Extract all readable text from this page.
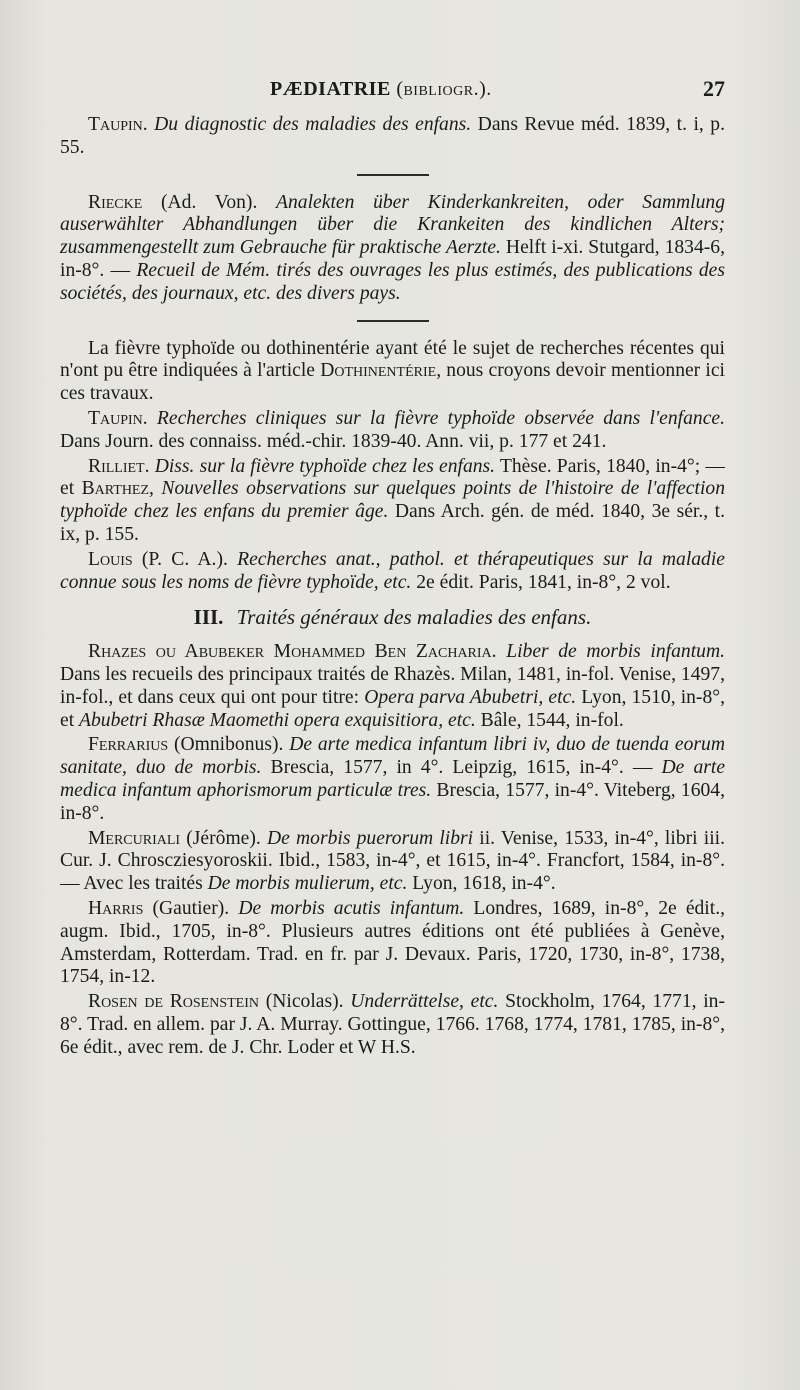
PÆDIATRIE (bibliogr.).	27

Taupin. Du diagnostic des maladies des enfans. Dans Revue méd. 1839, t. i, p. 55.

Riecke (Ad. Von). Analekten über Kinderkankreiten, oder Sammlung auserwählter Abhandlungen über die Krankeiten des kindlichen Alters; zusammengestellt zum Gebrauche für praktische Aerzte. Helft i-xi. Stutgard, 1834-6, in-8°. — Recueil de Mém. tirés des ouvrages les plus estimés, des publications des sociétés, des journaux, etc. des divers pays.

La fièvre typhoïde ou dothinentérie ayant été le sujet de recherches récentes qui n'ont pu être indiquées à l'article Dothinentérie, nous croyons devoir mentionner ici ces travaux.

Taupin. Recherches cliniques sur la fièvre typhoïde observée dans l'enfance. Dans Journ. des connaiss. méd.-chir. 1839-40. Ann. vii, p. 177 et 241.

Rilliet. Diss. sur la fièvre typhoïde chez les enfans. Thèse. Paris, 1840, in-4°; — et Barthez, Nouvelles observations sur quelques points de l'histoire de l'affection typhoïde chez les enfans du premier âge. Dans Arch. gén. de méd. 1840, 3e sér., t. ix, p. 155.

Louis (P. C. A.). Recherches anat., pathol. et thérapeutiques sur la maladie connue sous les noms de fièvre typhoïde, etc. 2e édit. Paris, 1841, in-8°, 2 vol.

III. Traités généraux des maladies des enfans.

Rhazes ou Abubeker Mohammed Ben Zacharia. Liber de morbis infantum. Dans les recueils des principaux traités de Rhazès. Milan, 1481, in-fol. Venise, 1497, in-fol., et dans ceux qui ont pour titre: Opera parva Abubetri, etc. Lyon, 1510, in-8°, et Abubetri Rhasæ Maomethi opera exquisitiora, etc. Bâle, 1544, in-fol.

Ferrarius (Omnibonus). De arte medica infantum libri iv, duo de tuenda eorum sanitate, duo de morbis. Brescia, 1577, in 4°. Leipzig, 1615, in-4°. — De arte medica infantum aphorismorum particulæ tres. Brescia, 1577, in-4°. Viteberg, 1604, in-8°.

Mercuriali (Jérôme). De morbis puerorum libri ii. Venise, 1533, in-4°, libri iii. Cur. J. Chroscziesyoroskii. Ibid., 1583, in-4°, et 1615, in-4°. Francfort, 1584, in-8°. — Avec les traités De morbis mulierum, etc. Lyon, 1618, in-4°.

Harris (Gautier). De morbis acutis infantum. Londres, 1689, in-8°, 2e édit., augm. Ibid., 1705, in-8°. Plusieurs autres éditions ont été publiées à Genève, Amsterdam, Rotterdam. Trad. en fr. par J. Devaux. Paris, 1720, 1730, in-8°, 1738, 1754, in-12.

Rosen de Rosenstein (Nicolas). Underrättelse, etc. Stockholm, 1764, 1771, in-8°. Trad. en allem. par J. A. Murray. Gottingue, 1766. 1768, 1774, 1781, 1785, in-8°, 6e édit., avec rem. de J. Chr. Loder et W H.S.
